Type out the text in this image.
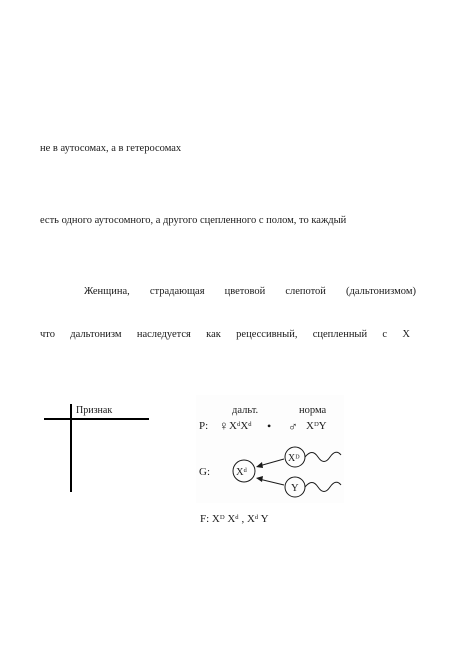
не в аутосомах, а в гетеросомах
есть одного аутосомного, а другого сцепленного с полом, то каждый
Женщина, страдающая цветовой слепотой (дальтонизмом)
что дальтонизм наследуется как рецессивный, сцепленный с Х
Признак	дальт.	норма
P: ♀ XᵈXᵈ • ♂ XᴰY
G: Xᵈ
Xᴰ
Y
F: Xᴰ Xᵈ , Xᵈ Y
